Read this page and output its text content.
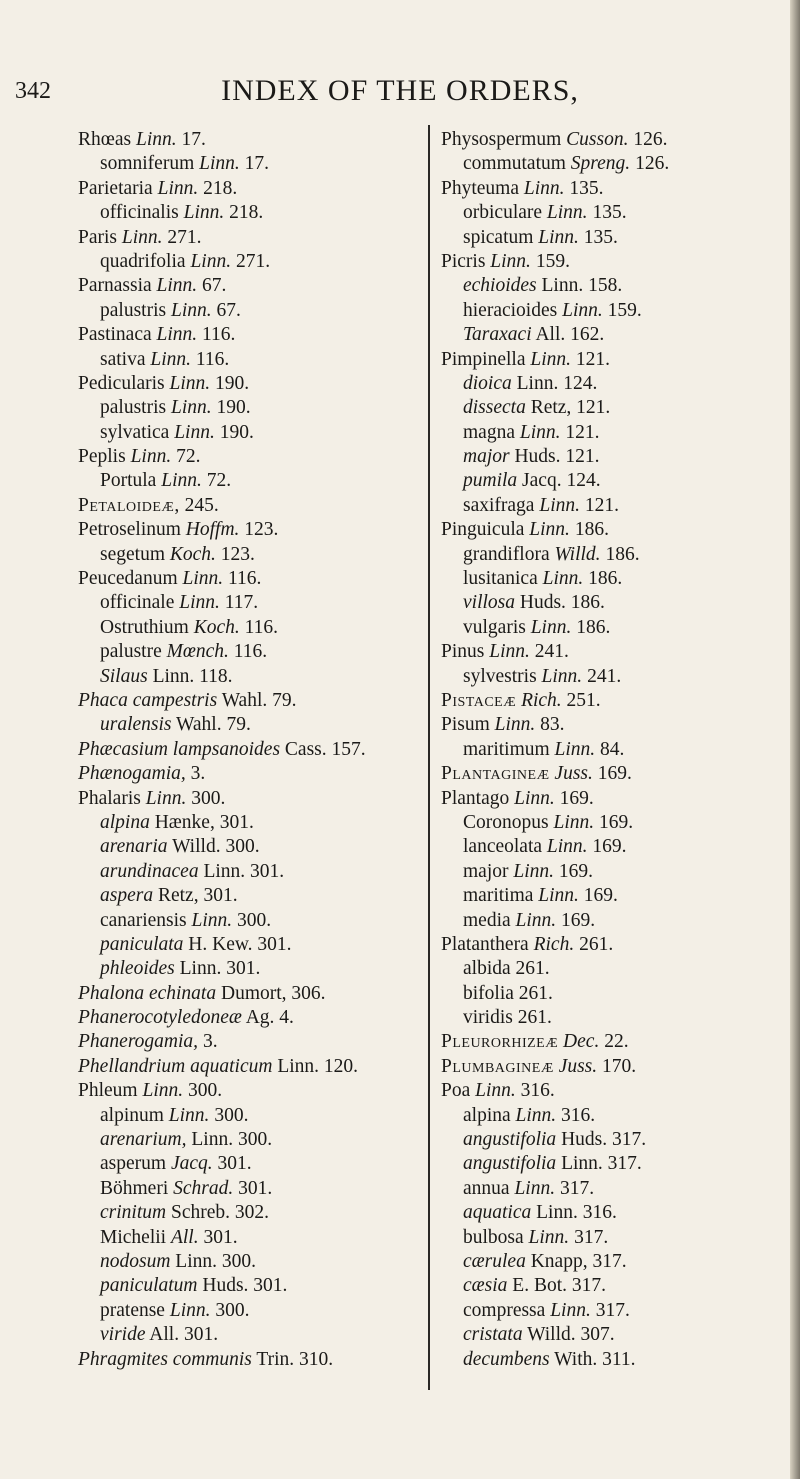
342	INDEX OF THE ORDERS,
Rhœas Linn. 17.
somniferum Linn. 17.
Parietaria Linn. 218.
officinalis Linn. 218.
Paris Linn. 271.
quadrifolia Linn. 271.
Parnassia Linn. 67.
palustris Linn. 67.
Pastinaca Linn. 116.
sativa Linn. 116.
Pedicularis Linn. 190.
palustris Linn. 190.
sylvatica Linn. 190.
Peplis Linn. 72.
Portula Linn. 72.
Petaloideæ, 245.
Petroselinum Hoffm. 123.
segetum Koch. 123.
Peucedanum Linn. 116.
officinale Linn. 117.
Ostruthium Koch. 116.
palustre Mœnch. 116.
Silaus Linn. 118.
Phaca campestris Wahl. 79.
uralensis Wahl. 79.
Phæcasium lampsanoides Cass. 157.
Phænogamia, 3.
Phalaris Linn. 300.
alpina Hænke, 301.
arenaria Willd. 300.
arundinacea Linn. 301.
aspera Retz, 301.
canariensis Linn. 300.
paniculata H. Kew. 301.
phleoides Linn. 301.
Phalona echinata Dumort, 306.
Phanerocotyledoneæ Ag. 4.
Phanerogamia, 3.
Phellandrium aquaticum Linn. 120.
Phleum Linn. 300.
alpinum Linn. 300.
arenarium, Linn. 300.
asperum Jacq. 301.
Böhmeri Schrad. 301.
crinitum Schreb. 302.
Michelii All. 301.
nodosum Linn. 300.
paniculatum Huds. 301.
pratense Linn. 300.
viride All. 301.
Phragmites communis Trin. 310.
Physospermum Cusson. 126.
commutatum Spreng. 126.
Phyteuma Linn. 135.
orbiculare Linn. 135.
spicatum Linn. 135.
Picris Linn. 159.
echioides Linn. 158.
hieracioides Linn. 159.
Taraxaci All. 162.
Pimpinella Linn. 121.
dioica Linn. 124.
dissecta Retz, 121.
magna Linn. 121.
major Huds. 121.
pumila Jacq. 124.
saxifraga Linn. 121.
Pinguicula Linn. 186.
grandiflora Willd. 186.
lusitanica Linn. 186.
villosa Huds. 186.
vulgaris Linn. 186.
Pinus Linn. 241.
sylvestris Linn. 241.
Pistaceæ Rich. 251.
Pisum Linn. 83.
maritimum Linn. 84.
Plantagineæ Juss. 169.
Plantago Linn. 169.
Coronopus Linn. 169.
lanceolata Linn. 169.
major Linn. 169.
maritima Linn. 169.
media Linn. 169.
Platanthera Rich. 261.
albida 261.
bifolia 261.
viridis 261.
Pleurorhizeæ Dec. 22.
Plumbagineæ Juss. 170.
Poa Linn. 316.
alpina Linn. 316.
angustifolia Huds. 317.
angustifolia Linn. 317.
annua Linn. 317.
aquatica Linn. 316.
bulbosa Linn. 317.
cærulea Knapp, 317.
cæsia E. Bot. 317.
compressa Linn. 317.
cristata Willd. 307.
decumbens With. 311.
